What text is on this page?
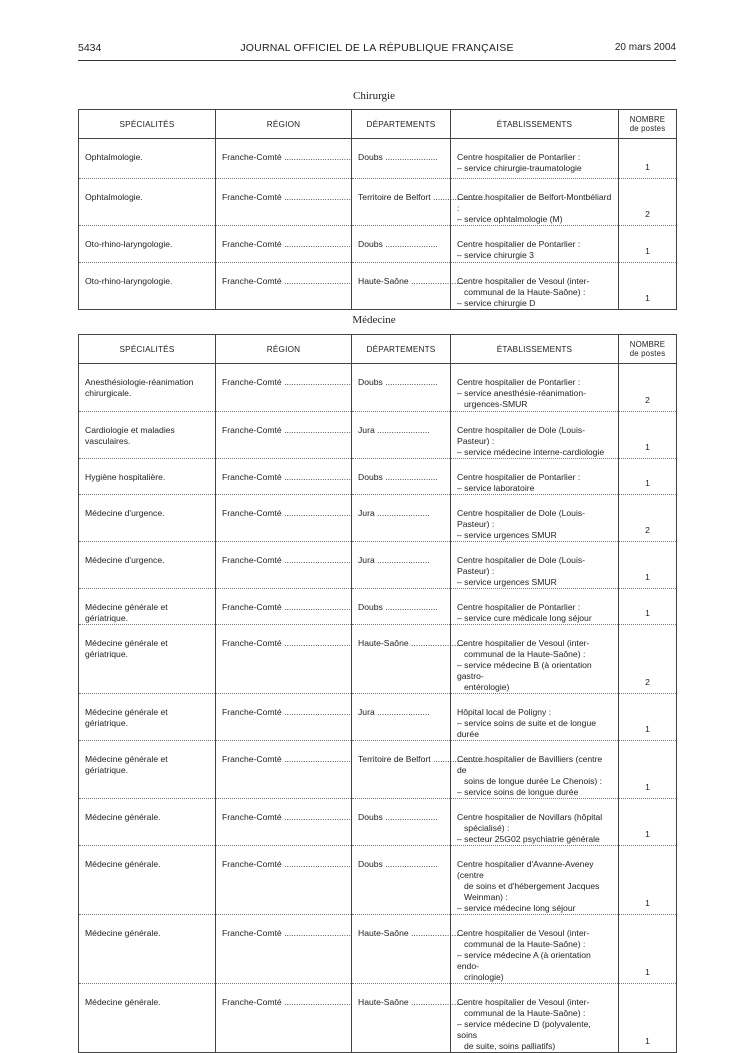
5434	JOURNAL OFFICIEL DE LA RÉPUBLIQUE FRANÇAISE	20 mars 2004
Chirurgie
SPÉCIALITÉS	RÉGION	DÉPARTEMENTS	ÉTABLISSEMENTS	NOMBRE
de postes

Ophtalmologie.	Franche-Comté ............................	Doubs ......................	Centre hospitalier de Pontarlier :
– service chirurgie-traumatologie	1

Ophtalmologie.	Franche-Comté ............................	Territoire de Belfort ......................	Centre hospitalier de Belfort-Montbéliard :
– service ophtalmologie (M)	2

Oto-rhino-laryngologie.	Franche-Comté ............................	Doubs ......................	Centre hospitalier de Pontarlier :
– service chirurgie 3	1

Oto-rhino-laryngologie.	Franche-Comté ............................	Haute-Saône ......................	Centre hospitalier de Vesoul (inter-
communal de la Haute-Saône) :
– service chirurgie D	1
Médecine
SPÉCIALITÉS	RÉGION	DÉPARTEMENTS	ÉTABLISSEMENTS	NOMBRE
de postes

Anesthésiologie-réanimation chirurgicale.	Franche-Comté ............................	Doubs ......................	Centre hospitalier de Pontarlier :
– service anesthésie-réanimation-
urgences-SMUR	2

Cardiologie et maladies vasculaires.	Franche-Comté ............................	Jura ......................	Centre hospitalier de Dole (Louis-Pasteur) :
– service médecine interne-cardiologie	1

Hygiène hospitalière.	Franche-Comté ............................	Doubs ......................	Centre hospitalier de Pontarlier :
– service laboratoire	1

Médecine d'urgence.	Franche-Comté ............................	Jura ......................	Centre hospitalier de Dole (Louis-Pasteur) :
– service urgences SMUR	2

Médecine d'urgence.	Franche-Comté ............................	Jura ......................	Centre hospitalier de Dole (Louis-Pasteur) :
– service urgences SMUR	1

Médecine générale et gériatrique.	Franche-Comté ............................	Doubs ......................	Centre hospitalier de Pontarlier :
– service cure médicale long séjour	1

Médecine générale et gériatrique.	Franche-Comté ............................	Haute-Saône ......................	Centre hospitalier de Vesoul (inter-
communal de la Haute-Saône) :
– service médecine B (à orientation gastro-
entérologie)	2

Médecine générale et gériatrique.	Franche-Comté ............................	Jura ......................	Hôpital local de Poligny :
– service soins de suite et de longue durée	1

Médecine générale et gériatrique.	Franche-Comté ............................	Territoire de Belfort ......................	Centre hospitalier de Bavilliers (centre de
soins de longue durée Le Chenois) :
– service soins de longue durée	1

Médecine générale.	Franche-Comté ............................	Doubs ......................	Centre hospitalier de Novillars (hôpital
spécialisé) :
– secteur 25G02 psychiatrie générale	1

Médecine générale.	Franche-Comté ............................	Doubs ......................	Centre hospitalier d'Avanne-Aveney (centre
de soins et d'hébergement Jacques
Weinman) :
– service médecine long séjour	1

Médecine générale.	Franche-Comté ............................	Haute-Saône ......................	Centre hospitalier de Vesoul (inter-
communal de la Haute-Saône) :
– service médecine A (à orientation endo-
crinologie)	1

Médecine générale.	Franche-Comté ............................	Haute-Saône ......................	Centre hospitalier de Vesoul (inter-
communal de la Haute-Saône) :
– service médecine D (polyvalente, soins
de suite, soins palliatifs)	1
